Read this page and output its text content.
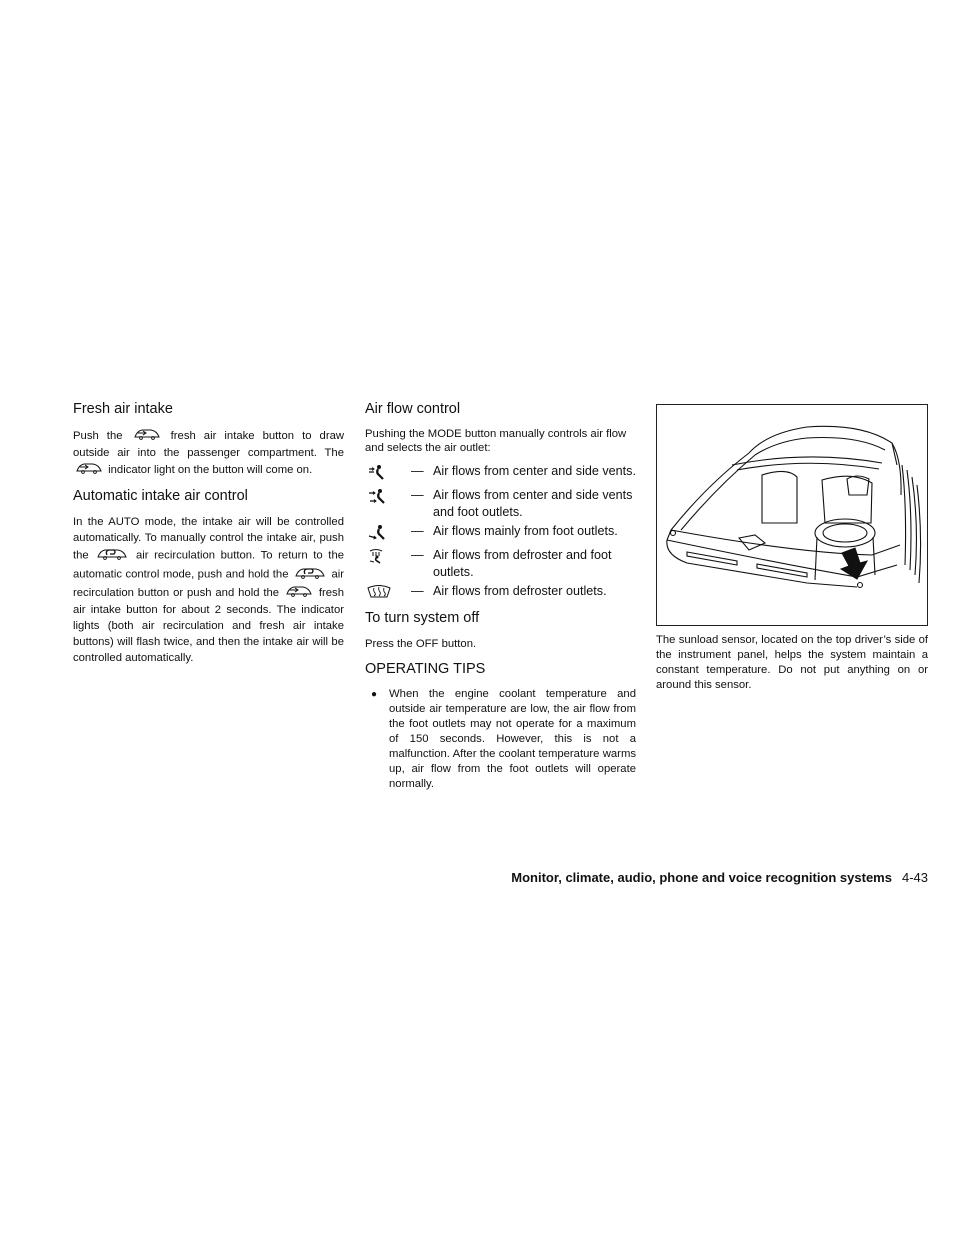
Fresh air intake

Push the	fresh air intake button to draw outside air into the passenger compartment. The  indicator light on the button will come on.

Automatic intake air control

In the AUTO mode, the intake air will be controlled automatically. To manually control the intake air, push the	air recirculation button. To return to the automatic control mode, push and hold the	air recirculation button or push and hold the	fresh air intake button for about 2 seconds. The indicator lights (both air recirculation and fresh air intake buttons) will flash twice, and then the intake air will be controlled automatically.

Air flow control

Pushing the MODE button manually controls air flow and selects the air outlet:

— Air flows from center and side vents.
— Air flows from center and side vents and foot outlets.
— Air flows mainly from foot outlets.
— Air flows from defroster and foot outlets.
— Air flows from defroster outlets.
To turn system off

Press the OFF button.

OPERATING TIPS
●	When the engine coolant temperature and outside air temperature are low, the air flow from the foot outlets may not operate for a maximum of 150 seconds. However, this is not a malfunction. After the coolant temperature warms up, air flow from the foot outlets will operate normally.

The sunload sensor, located on the top driver’s side of the instrument panel, helps the system maintain a constant temperature. Do not put anything on or around this sensor.

Monitor, climate, audio, phone and voice recognition systems 4-43
